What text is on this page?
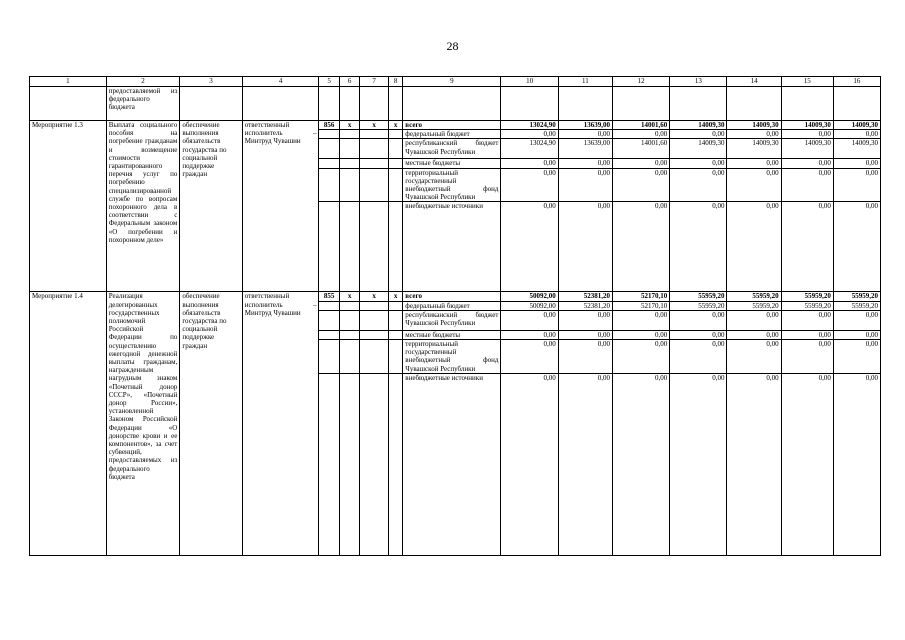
28
1	2	3	4	5	6	7	8	9	10	11	12	13	14	15	16
	предоставляемой из федерального бюджета														
Мероприятие 1.3	Выплата социального пособия на погребение гражданам и возмещение стоимости гарантированного перечня услуг по погребению специализированной службе по вопросам похоронного дела в соответствии с Федеральным законом «О погребении и похоронном деле»	обеспечение выполнения обязательств государства по социальной поддержке граждан	ответственный исполнитель – Минтруд Чувашии	856	x	x	x	всего	13024,90	13639,00	14001,60	14009,30	14009,30	14009,30	14009,30
								федеральный бюджет	0,00	0,00	0,00	0,00	0,00	0,00	0,00
								республиканский бюджет Чувашской Республики	13024,90	13639,00	14001,60	14009,30	14009,30	14009,30	14009,30
								местные бюджеты	0,00	0,00	0,00	0,00	0,00	0,00	0,00
								территориальный государственный внебюджетный фонд Чувашской Республики	0,00	0,00	0,00	0,00	0,00	0,00	0,00
								внебюджетные источники	0,00	0,00	0,00	0,00	0,00	0,00	0,00
Мероприятие 1.4	Реализация делегированных государственных полномочий Российской Федерации по осуществлению ежегодной денежной выплаты гражданам, награжденным нагрудным знаком «Почетный донор СССР», «Почетный донор России», установленной Законом Российской Федерации «О донорстве крови и ее компонентов», за счет субвенций, предоставляемых из федерального бюджета	обеспечение выполнения обязательств государства по социальной поддержке граждан	ответственный исполнитель – Минтруд Чувашии	855	x	x	x	всего	50092,00	52381,20	52170,10	55959,20	55959,20	55959,20	55959,20
								федеральный бюджет	50092,00	52381,20	52170,10	55959,20	55959,20	55959,20	55959,20
								республиканский бюджет Чувашской Республики	0,00	0,00	0,00	0,00	0,00	0,00	0,00
								местные бюджеты	0,00	0,00	0,00	0,00	0,00	0,00	0,00
								территориальный государственный внебюджетный фонд Чувашской Республики	0,00	0,00	0,00	0,00	0,00	0,00	0,00
								внебюджетные источники	0,00	0,00	0,00	0,00	0,00	0,00	0,00
